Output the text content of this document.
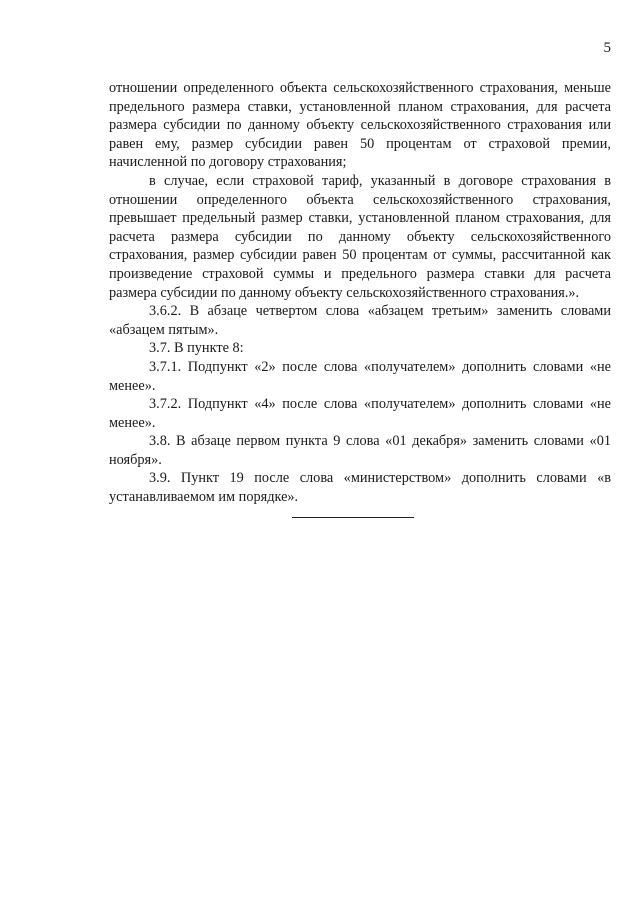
5

отношении определенного объекта сельскохозяйственного страхования, меньше предельного размера ставки, установленной планом страхования, для расчета размера субсидии по данному объекту сельскохозяйственного страхования или равен ему, размер субсидии равен 50 процентам от страховой премии, начисленной по договору страхования;

в случае, если страховой тариф, указанный в договоре страхования в отношении определенного объекта сельскохозяйственного страхования, превышает предельный размер ставки, установленной планом страхования, для расчета размера субсидии по данному объекту сельскохозяйственного страхования, размер субсидии равен 50 процентам от суммы, рассчитанной как произведение страховой суммы и предельного размера ставки для расчета размера субсидии по данному объекту сельскохозяйственного страхования.».

3.6.2. В абзаце четвертом слова «абзацем третьим» заменить словами «абзацем пятым».

3.7. В пункте 8:

3.7.1. Подпункт «2» после слова «получателем» дополнить словами «не менее».

3.7.2. Подпункт «4» после слова «получателем» дополнить словами «не менее».

3.8. В абзаце первом пункта 9 слова «01 декабря» заменить словами «01 ноября».

3.9. Пункт 19 после слова «министерством» дополнить словами «в устанавливаемом им порядке».
